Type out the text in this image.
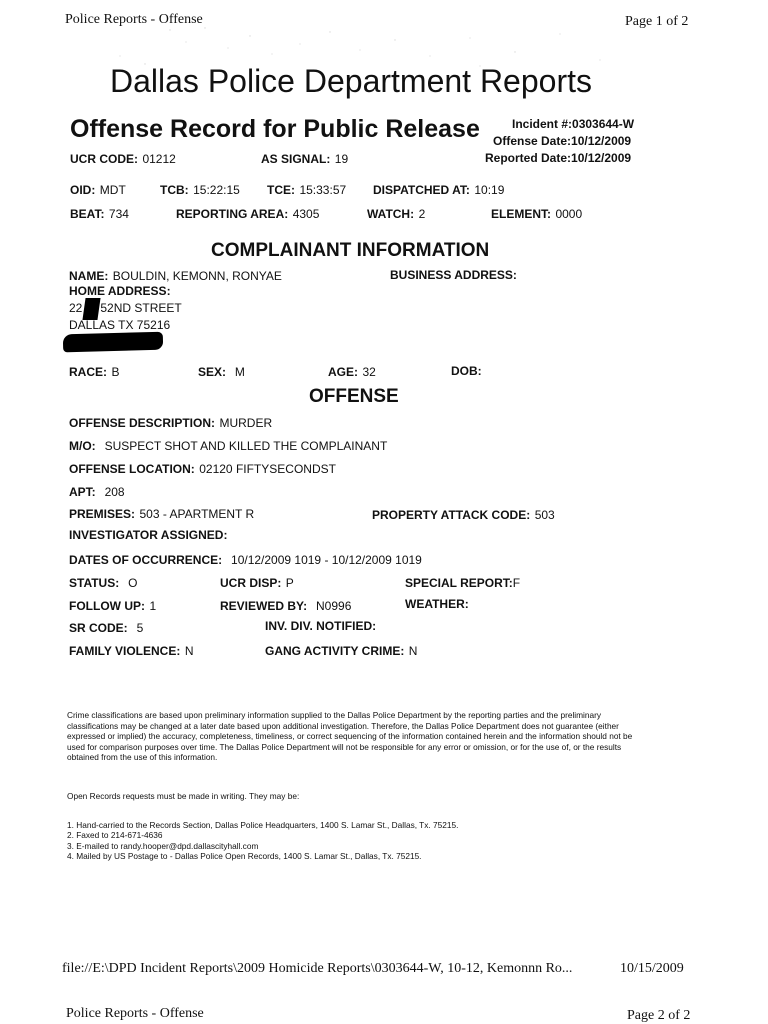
Police Reports - Offense	Page 1 of 2
Dallas Police Department Reports
Offense Record for Public Release	Incident #:0303644-W
Offense Date:10/12/2009
Reported Date:10/12/2009
UCR CODE: 01212	AS SIGNAL: 19
OID: MDT	TCB: 15:22:15 TCE: 15:33:57 DISPATCHED AT: 10:19
BEAT: 734	REPORTING AREA: 4305	WATCH: 2	ELEMENT: 0000
COMPLAINANT INFORMATION
NAME: BOULDIN, KEMONN, RONYAE	BUSINESS ADDRESS:
HOME ADDRESS:
22 52ND STREET
DALLAS TX 75216
RACE: B	SEX: M	AGE: 32	DOB:
OFFENSE
OFFENSE DESCRIPTION: MURDER
M/O: SUSPECT SHOT AND KILLED THE COMPLAINANT
OFFENSE LOCATION: 02120 FIFTYSECONDST
APT: 208
PREMISES: 503 - APARTMENT R	PROPERTY ATTACK CODE: 503
INVESTIGATOR ASSIGNED:
DATES OF OCCURRENCE: 10/12/2009 1019 - 10/12/2009 1019
STATUS: O	UCR DISP: P	SPECIAL REPORT:F
FOLLOW UP: 1	REVIEWED BY: N0996	WEATHER:
SR CODE: 5	INV. DIV. NOTIFIED:
FAMILY VIOLENCE: N	GANG ACTIVITY CRIME: N
Crime classifications are based upon preliminary information supplied to the Dallas Police Department by the reporting parties and the preliminary classifications may be changed at a later date based upon additional investigation. Therefore, the Dallas Police Department does not guarantee (either expressed or implied) the accuracy, completeness, timeliness, or correct sequencing of the information contained herein and the information should not be used for comparison purposes over time. The Dallas Police Department will not be responsible for any error or omission, or for the use of, or the results obtained from the use of this information.
Open Records requests must be made in writing. They may be:
1. Hand-carried to the Records Section, Dallas Police Headquarters, 1400 S. Lamar St., Dallas, Tx. 75215.
2. Faxed to 214-671-4636
3. E-mailed to randy.hooper@dpd.dallascityhall.com
4. Mailed by US Postage to - Dallas Police Open Records, 1400 S. Lamar St., Dallas, Tx. 75215.
file://E:\DPD Incident Reports\2009 Homicide Reports\0303644-W, 10-12, Kemonnn Ro...	10/15/2009
Police Reports - Offense	Page 2 of 2
